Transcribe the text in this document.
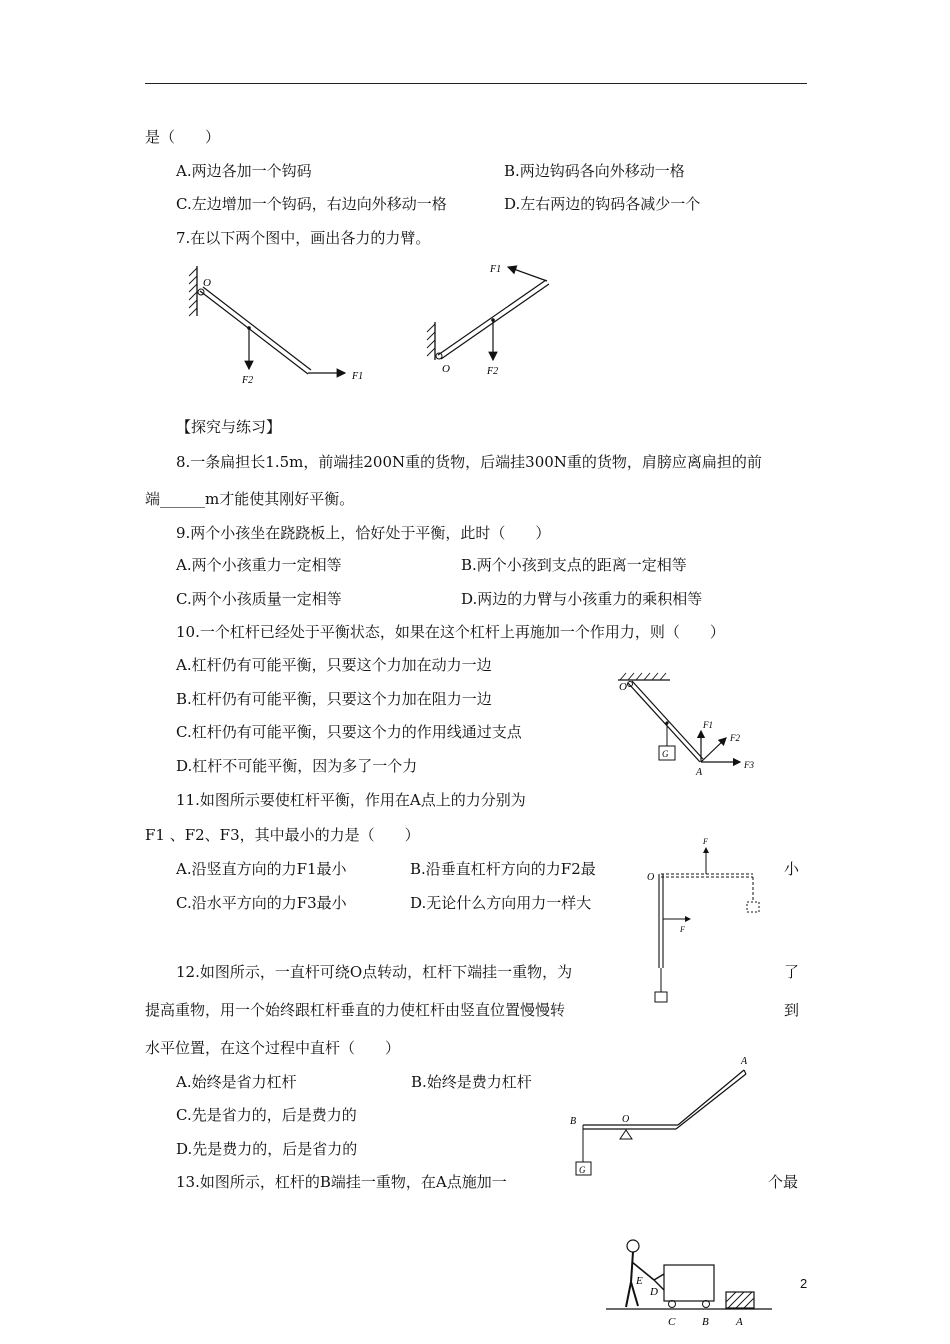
是（　　）
A.两边各加一个钩码	B.两边钩码各向外移动一格
C.左边增加一个钩码，右边向外移动一格	D.左右两边的钩码各减少一个
7.在以下两个图中，画出各力的力臂。
O
F2	F1
O	F2
F1
【探究与练习】
8.一条扁担长1.5m，前端挂200N重的货物，后端挂300N重的货物，肩膀应离扁担的前
端______m才能使其刚好平衡。
9.两个小孩坐在跷跷板上，恰好处于平衡，此时（　　）
A.两个小孩重力一定相等	B.两个小孩到支点的距离一定相等
C.两个小孩质量一定相等	D.两边的力臂与小孩重力的乘积相等
10.一个杠杆已经处于平衡状态，如果在这个杠杆上再施加一个作用力，则（　　）
A.杠杆仍有可能平衡，只要这个力加在动力一边
B.杠杆仍有可能平衡，只要这个力加在阻力一边
C.杠杆仍有可能平衡，只要这个力的作用线通过支点
D.杠杆不可能平衡，因为多了一个力
O
G
A
F1
F2
F3
11.如图所示要使杠杆平衡，作用在A点上的力分别为
F1 、F2、F3，其中最小的力是（　　）
A.沿竖直方向的力F1最小	B.沿垂直杠杆方向的力F2最	小
C.沿水平方向的力F3最小	D.无论什么方向用力一样大
O
F
F
12.如图所示，一直杆可绕O点转动，杠杆下端挂一重物，为	了
提高重物，用一个始终跟杠杆垂直的力使杠杆由竖直位置慢慢转	到
水平位置，在这个过程中直杆（　　）
A.始终是省力杠杆	B.始终是费力杠杆
C.先是省力的，后是费力的
D.先是费力的，后是省力的
B	O
A
G
13.如图所示，杠杆的B端挂一重物，在A点施加一	个最
E
D
C B A
2
